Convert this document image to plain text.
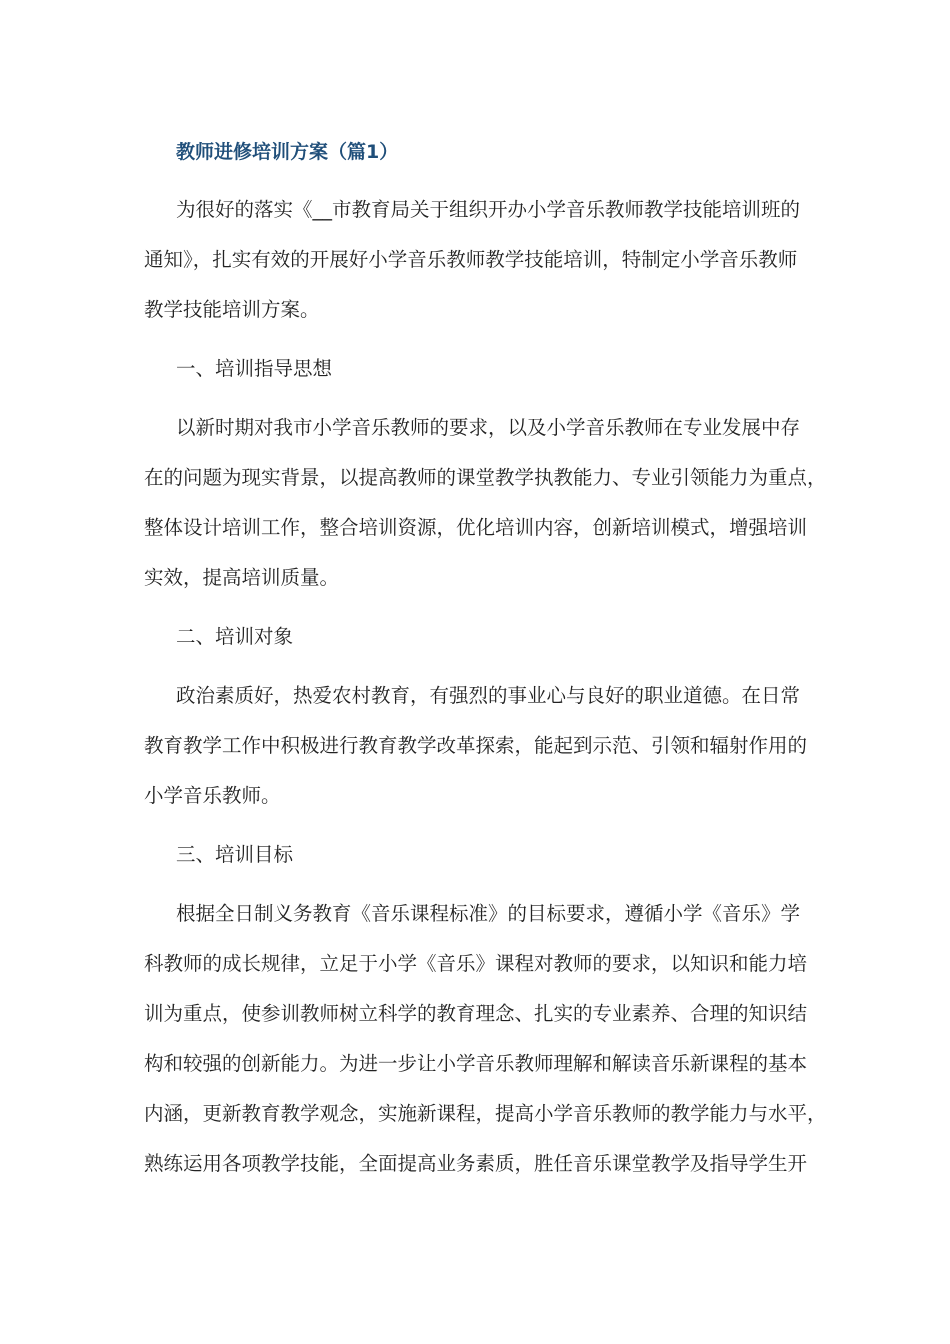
教师进修培训方案（篇1）
为很好的落实《__市教育局关于组织开办小学音乐教师教学技能培训班的
通知》，扎实有效的开展好小学音乐教师教学技能培训，特制定小学音乐教师
教学技能培训方案。
一、培训指导思想
以新时期对我市小学音乐教师的要求，以及小学音乐教师在专业发展中存
在的问题为现实背景，以提高教师的课堂教学执教能力、专业引领能力为重点，
整体设计培训工作，整合培训资源，优化培训内容，创新培训模式，增强培训
实效，提高培训质量。
二、培训对象
政治素质好，热爱农村教育，有强烈的事业心与良好的职业道德。在日常
教育教学工作中积极进行教育教学改革探索，能起到示范、引领和辐射作用的
小学音乐教师。
三、培训目标
根据全日制义务教育《音乐课程标准》的目标要求，遵循小学《音乐》学
科教师的成长规律，立足于小学《音乐》课程对教师的要求，以知识和能力培
训为重点，使参训教师树立科学的教育理念、扎实的专业素养、合理的知识结
构和较强的创新能力。为进一步让小学音乐教师理解和解读音乐新课程的基本
内涵，更新教育教学观念，实施新课程，提高小学音乐教师的教学能力与水平，
熟练运用各项教学技能，全面提高业务素质，胜任音乐课堂教学及指导学生开
